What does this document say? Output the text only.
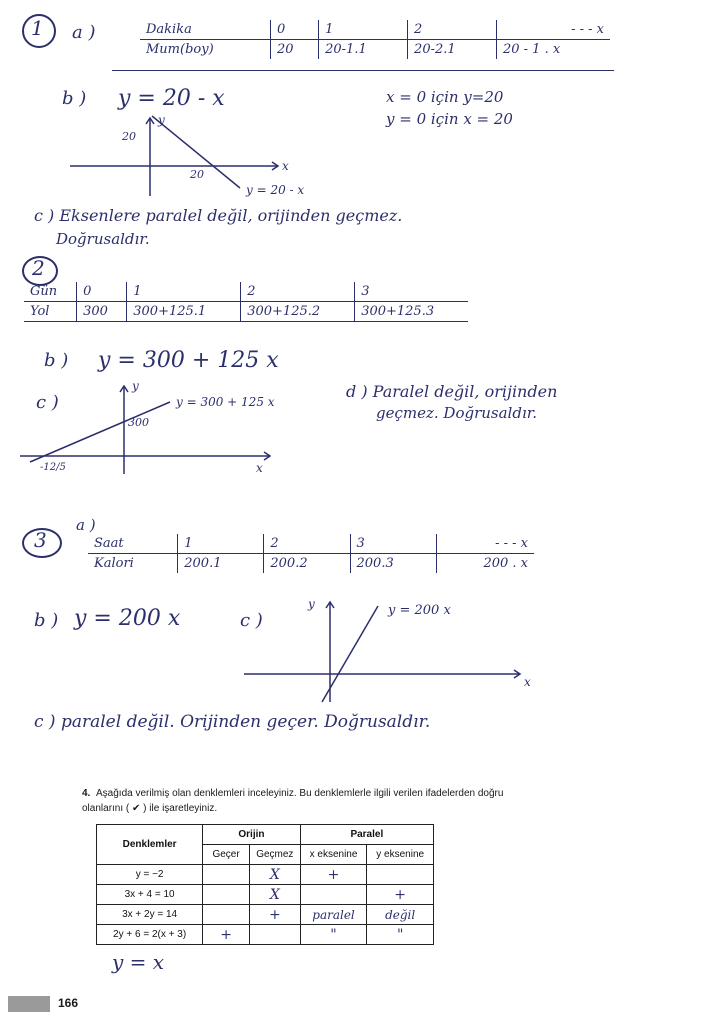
1 a )	Dakika	0	1	2	- - - x
Mum(boy)	20	20-1.1	20-2.1	20 - 1 . x
b ) y = 20 - x	x = 0 için y=20
y = 0 için x = 20
y
x
20
20
y = 20 - x
c ) Eksenlere paralel değil, orijinden geçmez.
Doğrusaldır.
2
Gün	0	1	2	3
Yol	300	300+125.1	300+125.2	300+125.3
b ) y = 300 + 125 x
c )
y
x
300
-12/5
y = 300 + 125 x
d ) Paralel değil, orijinden
geçmez. Doğrusaldır.
3
a )
Saat	1	2	3	- - - x
Kalori	200.1	200.2	200.3	200 . x
b ) y = 200 x	c )
y
x
y = 200 x
c ) paralel değil. Orijinden geçer. Doğrusaldır.
4. Aşağıda verilmiş olan denklemleri inceleyiniz. Bu denklemlerle ilgili verilen ifadelerden doğru
olanlarını ( ✔ ) ile işaretleyiniz.
Denklemler	Orijin		Paralel	
	Geçer	Geçmez	x eksenine	y eksenine
y = −2		X	+	
3x + 4 = 10		X		+
3x + 2y = 14		+	paralel	değil
2y + 6 = 2(x + 3)	+		"	"
y = x
166
